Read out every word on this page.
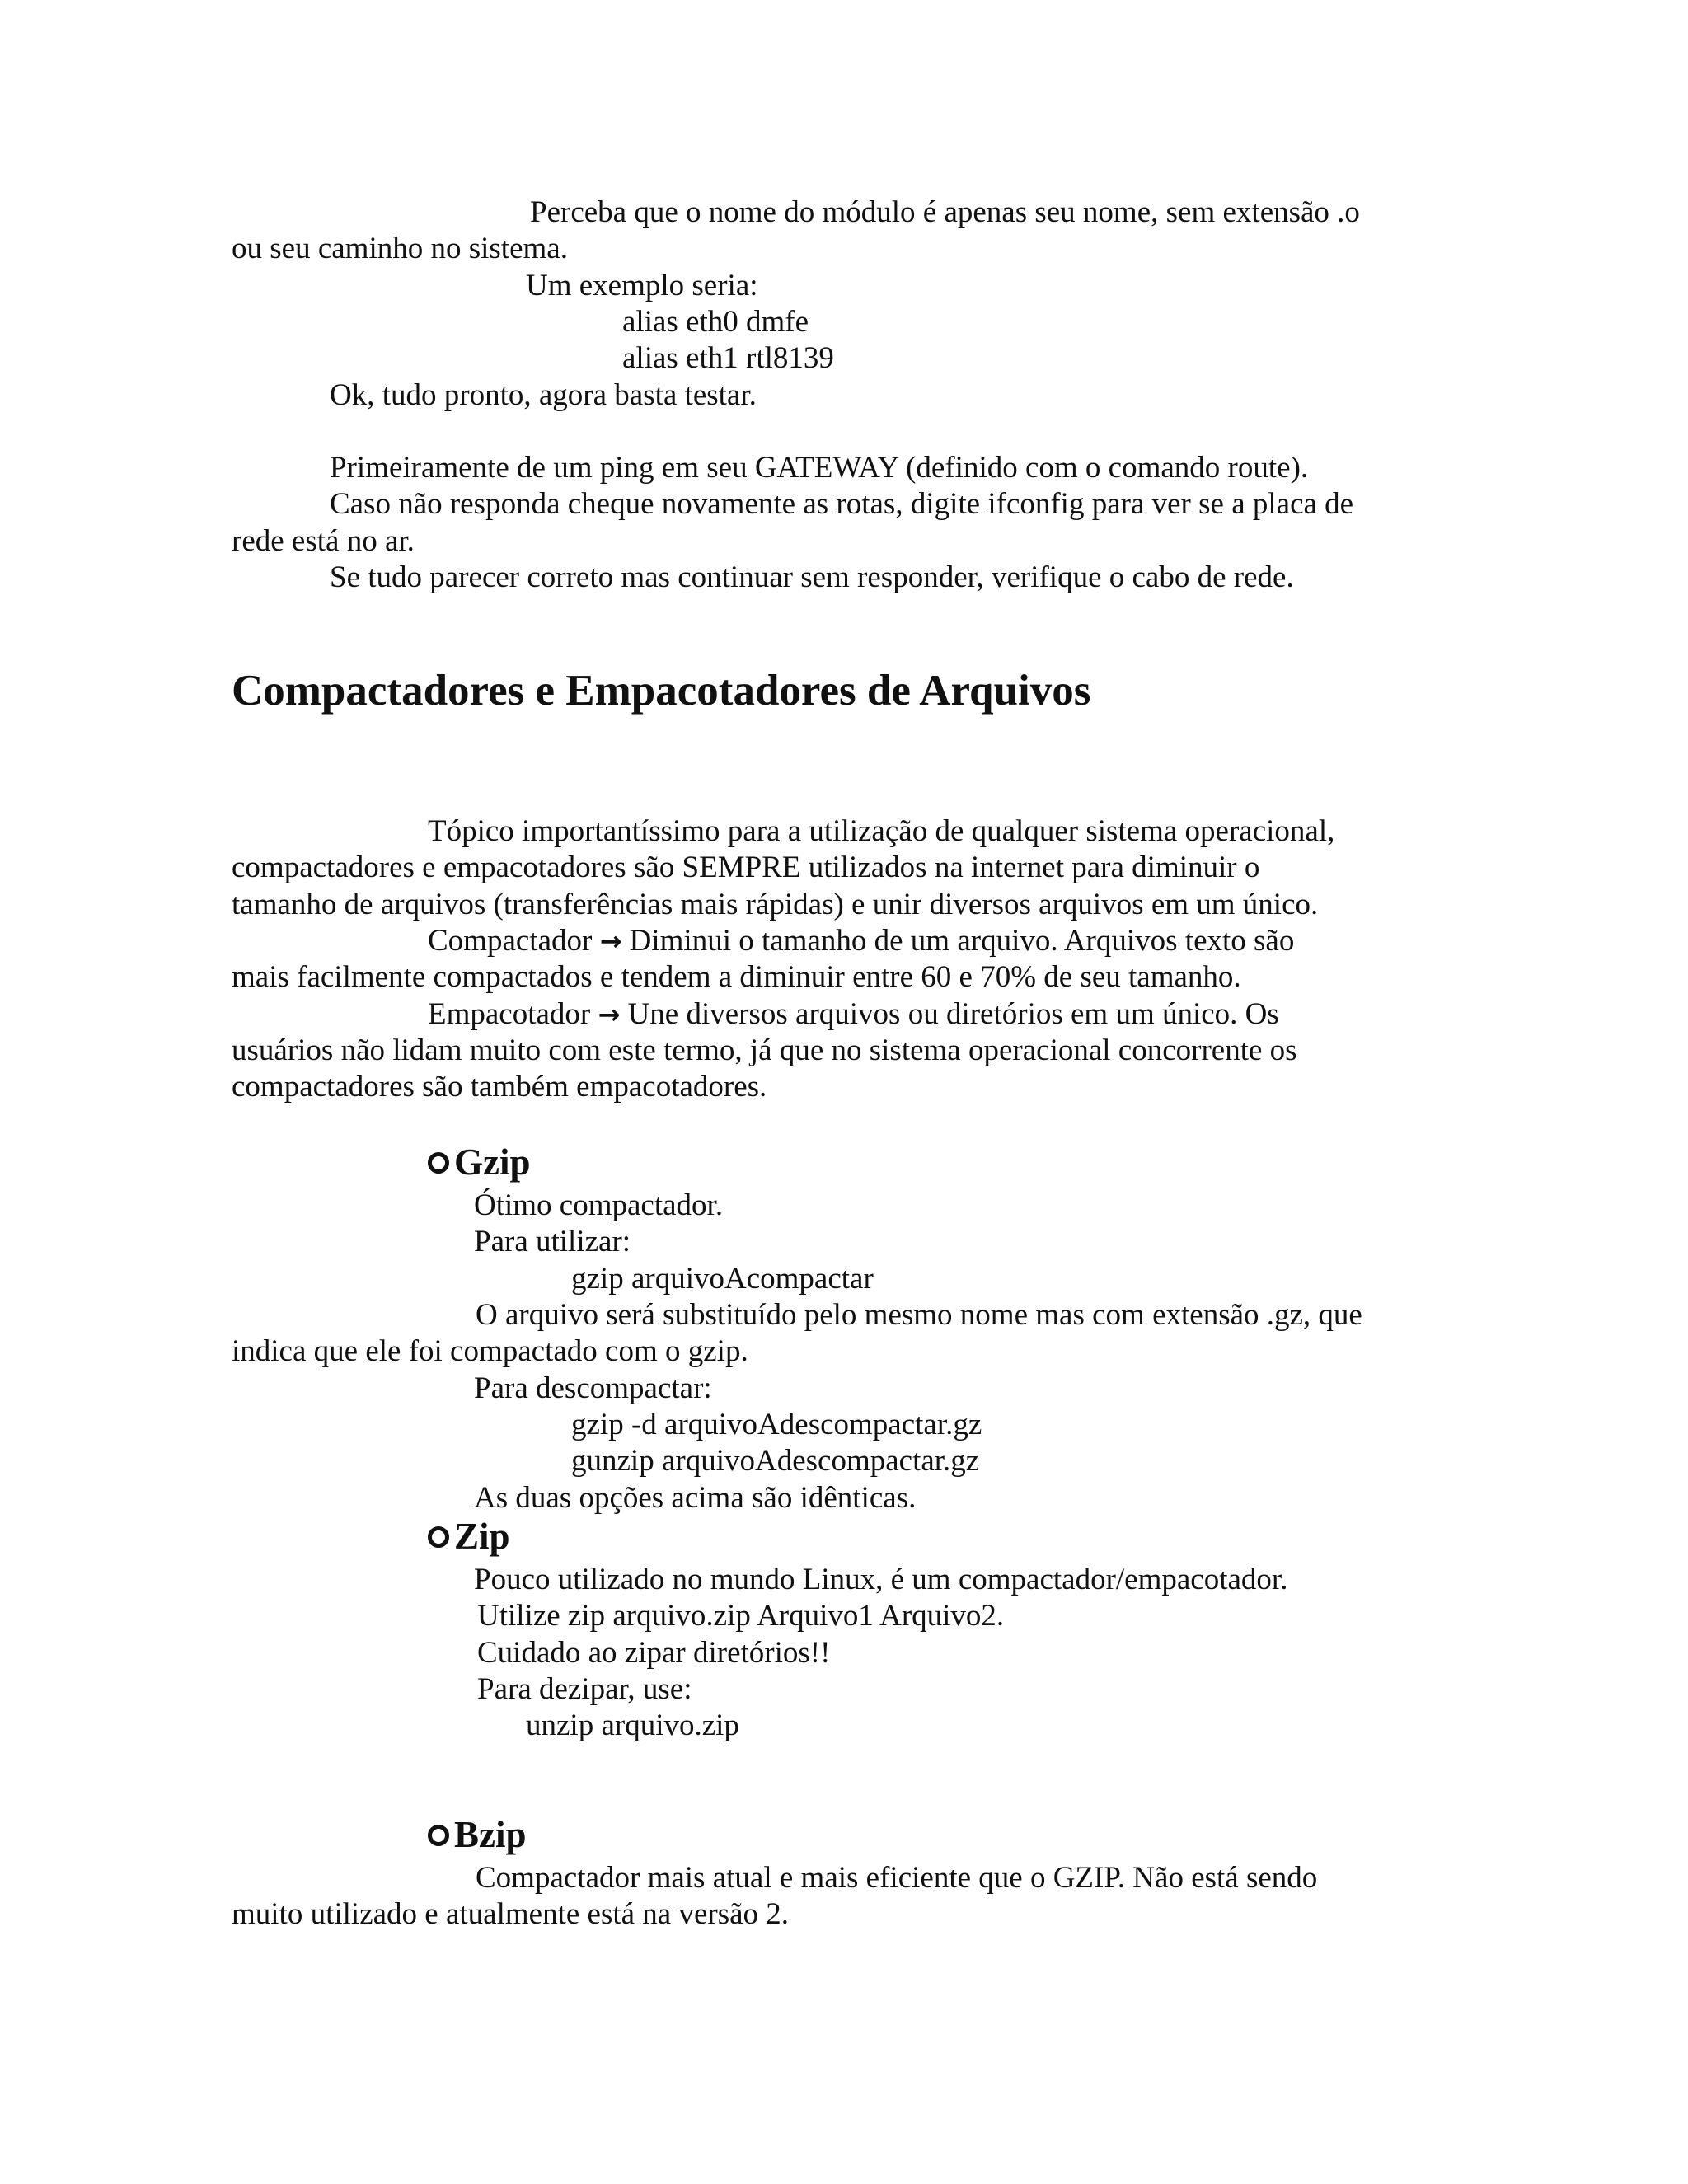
Perceba que o nome do módulo é apenas seu nome, sem extensão .o
ou seu caminho no sistema.
Um exemplo seria:
alias eth0 dmfe
alias eth1 rtl8139
Ok, tudo pronto, agora basta testar.
Primeiramente de um ping em seu GATEWAY (definido com o comando route).
Caso não responda cheque novamente as rotas, digite ifconfig para ver se a placa de
rede está no ar.
Se tudo parecer correto mas continuar sem responder, verifique o cabo de rede.
Compactadores e Empacotadores de Arquivos
Tópico importantíssimo para a utilização de qualquer sistema operacional,
compactadores e empacotadores são SEMPRE utilizados na internet para diminuir o
tamanho de arquivos (transferências mais rápidas) e unir diversos arquivos em um único.
Compactador → Diminui o tamanho de um arquivo. Arquivos texto são
mais facilmente compactados e tendem a diminuir entre 60 e 70% de seu tamanho.
Empacotador → Une diversos arquivos ou diretórios em um único. Os
usuários não lidam muito com este termo, já que no sistema operacional concorrente os
compactadores são também empacotadores.
Gzip
Ótimo compactador.
Para utilizar:
gzip arquivoAcompactar
O arquivo será substituído pelo mesmo nome mas com extensão .gz, que
indica que ele foi compactado com o gzip.
Para descompactar:
gzip -d arquivoAdescompactar.gz
gunzip arquivoAdescompactar.gz
As duas opções acima são idênticas.
Zip
Pouco utilizado no mundo Linux, é um compactador/empacotador.
Utilize zip arquivo.zip Arquivo1 Arquivo2.
Cuidado ao zipar diretórios!!
Para dezipar, use:
unzip arquivo.zip
Bzip
Compactador mais atual e mais eficiente que o GZIP. Não está sendo
muito utilizado e atualmente está na versão 2.
